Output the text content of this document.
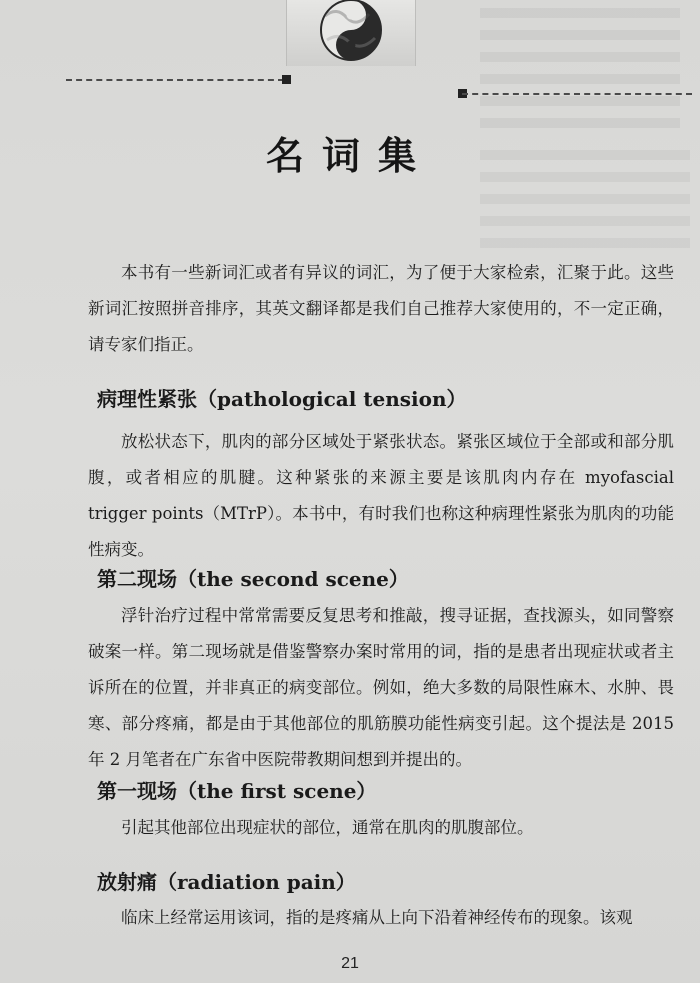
名词集

本书有一些新词汇或者有异议的词汇，为了便于大家检索，汇聚于此。这些新词汇按照拼音排序，其英文翻译都是我们自己推荐大家使用的，不一定正确，请专家们指正。

病理性紧张（pathological tension）

放松状态下，肌肉的部分区域处于紧张状态。紧张区域位于全部或和部分肌腹，或者相应的肌腱。这种紧张的来源主要是该肌肉内存在 myofascial trigger points（MTrP）。本书中，有时我们也称这种病理性紧张为肌肉的功能性病变。

第二现场（the second scene）

浮针治疗过程中常常需要反复思考和推敲，搜寻证据，查找源头，如同警察破案一样。第二现场就是借鉴警察办案时常用的词，指的是患者出现症状或者主诉所在的位置，并非真正的病变部位。例如，绝大多数的局限性麻木、水肿、畏寒、部分疼痛，都是由于其他部位的肌筋膜功能性病变引起。这个提法是 2015 年 2 月笔者在广东省中医院带教期间想到并提出的。

第一现场（the first scene）

引起其他部位出现症状的部位，通常在肌肉的肌腹部位。

放射痛（radiation pain）

临床上经常运用该词，指的是疼痛从上向下沿着神经传布的现象。该观

21
